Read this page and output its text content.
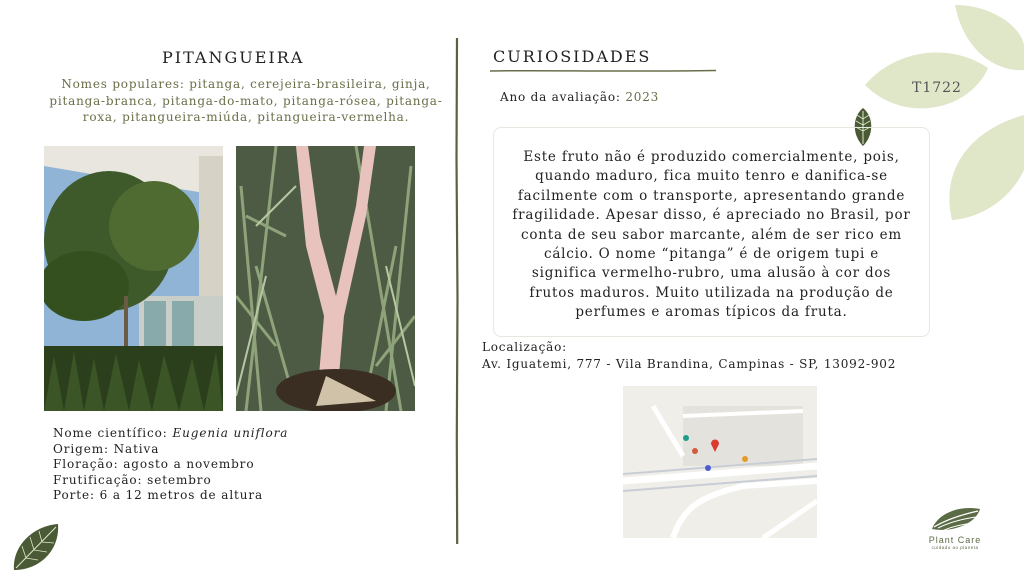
T1722
PITANGUEIRA
Nomes populares: pitanga, cerejeira-brasileira, ginja, pitanga-branca, pitanga-do-mato, pitanga-rósea, pitanga-roxa, pitangueira-miúda, pitangueira-vermelha.
Nome científico: Eugenia uniflora
Origem: Nativa
Floração: agosto a novembro
Frutificação: setembro
Porte: 6 a 12 metros de altura
CURIOSIDADES
Ano da avaliação: 2023

Este fruto não é produzido comercialmente, pois, quando maduro, fica muito tenro e danifica-se facilmente com o transporte, apresentando grande fragilidade. Apesar disso, é apreciado no Brasil, por conta de seu sabor marcante, além de ser rico em cálcio. O nome “pitanga” é de origem tupi e significa vermelho-rubro, uma alusão à cor dos frutos maduros. Muito utilizada na produção de perfumes e aromas típicos da fruta.

Localização:
Av. Iguatemi, 777 - Vila Brandina, Campinas - SP, 13092-902
Plant Care
cuidado ao planeta
